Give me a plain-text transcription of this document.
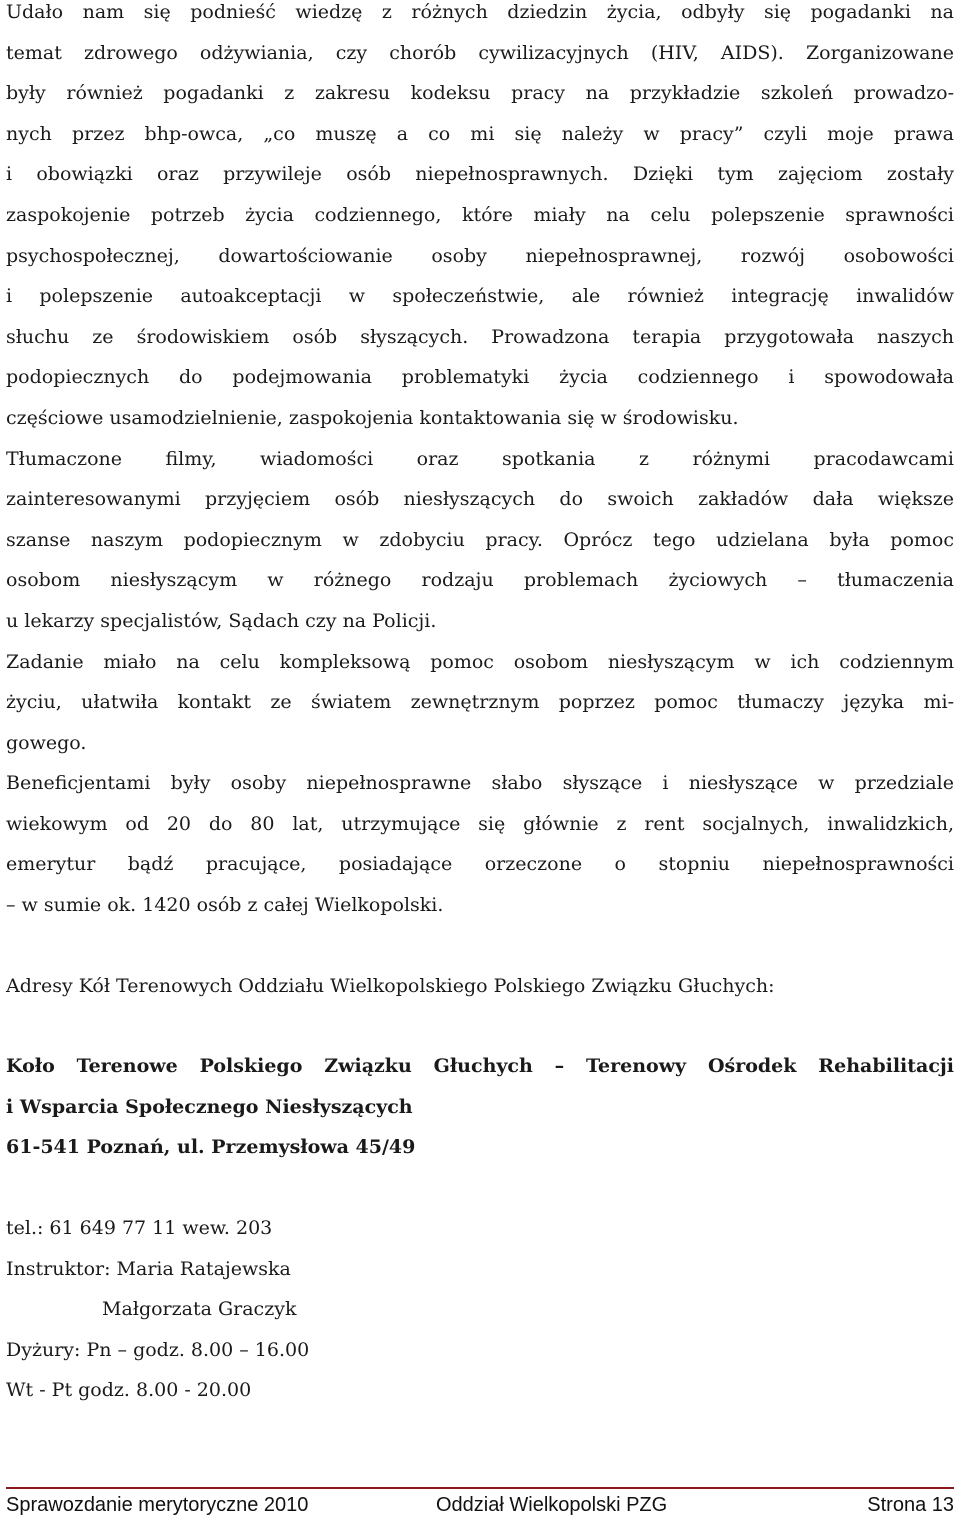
Udało nam się podnieść wiedzę z różnych dziedzin życia, odbyły się pogadanki na
temat zdrowego odżywiania, czy chorób cywilizacyjnych (HIV, AIDS). Zorganizowane
były również pogadanki z zakresu kodeksu pracy na przykładzie szkoleń prowadzo-
nych przez bhp-owca, „co muszę a co mi się należy w pracy” czyli moje prawa
i obowiązki oraz przywileje osób niepełnosprawnych. Dzięki tym zajęciom zostały
zaspokojenie potrzeb życia codziennego, które miały na celu polepszenie sprawności
psychospołecznej, dowartościowanie osoby niepełnosprawnej, rozwój osobowości
i polepszenie autoakceptacji w społeczeństwie, ale również integrację inwalidów
słuchu ze środowiskiem osób słyszących. Prowadzona terapia przygotowała naszych
podopiecznych do podejmowania problematyki życia codziennego i spowodowała
częściowe usamodzielnienie, zaspokojenia kontaktowania się w środowisku.

Tłumaczone filmy, wiadomości oraz spotkania z różnymi pracodawcami
zainteresowanymi przyjęciem osób niesłyszących do swoich zakładów dała większe
szanse naszym podopiecznym w zdobyciu pracy. Oprócz tego udzielana była pomoc
osobom niesłyszącym w różnego rodzaju problemach życiowych – tłumaczenia
u lekarzy specjalistów, Sądach czy na Policji.

Zadanie miało na celu kompleksową pomoc osobom niesłyszącym w ich codziennym
życiu, ułatwiła kontakt ze światem zewnętrznym poprzez pomoc tłumaczy języka mi-
gowego.

Beneficjentami były osoby niepełnosprawne słabo słyszące i niesłyszące w przedziale
wiekowym od 20 do 80 lat, utrzymujące się głównie z rent socjalnych, inwalidzkich,
emerytur bądź pracujące, posiadające orzeczone o stopniu niepełnosprawności
– w sumie ok. 1420 osób z całej Wielkopolski.

Adresy Kół Terenowych Oddziału Wielkopolskiego Polskiego Związku Głuchych:

Koło Terenowe Polskiego Związku Głuchych – Terenowy Ośrodek Rehabilitacji
i Wsparcia Społecznego Niesłyszących

61-541 Poznań, ul. Przemysłowa 45/49

tel.: 61 649 77 11 wew. 203

Instruktor: Maria Ratajewska

Małgorzata Graczyk

Dyżury: Pn – godz. 8.00 – 16.00

Wt - Pt godz. 8.00 - 20.00

Sprawozdanie merytoryczne 2010	Oddział Wielkopolski PZG	Strona 13
